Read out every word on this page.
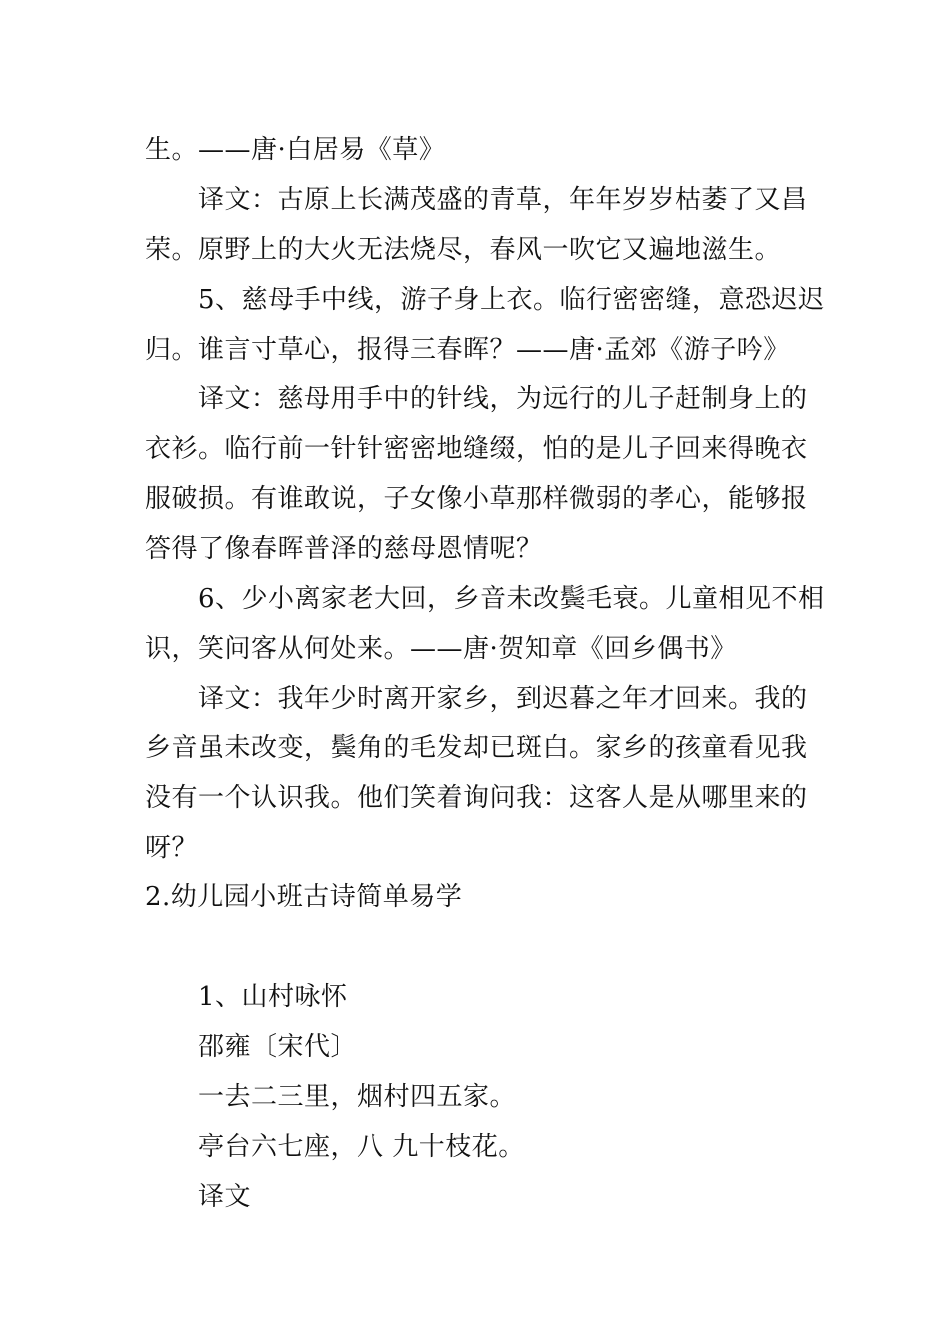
生。——唐·白居易《草》
译文：古原上长满茂盛的青草，年年岁岁枯萎了又昌
荣。原野上的大火无法烧尽，春风一吹它又遍地滋生。
5、慈母手中线，游子身上衣。临行密密缝，意恐迟迟
归。谁言寸草心，报得三春晖？——唐·孟郊《游子吟》
译文：慈母用手中的针线，为远行的儿子赶制身上的
衣衫。临行前一针针密密地缝缀，怕的是儿子回来得晚衣
服破损。有谁敢说，子女像小草那样微弱的孝心，能够报
答得了像春晖普泽的慈母恩情呢？
6、少小离家老大回，乡音未改鬓毛衰。儿童相见不相
识，笑问客从何处来。——唐·贺知章《回乡偶书》
译文：我年少时离开家乡，到迟暮之年才回来。我的
乡音虽未改变，鬓角的毛发却已斑白。家乡的孩童看见我
没有一个认识我。他们笑着询问我：这客人是从哪里来的
呀？
2.幼儿园小班古诗简单易学
1、山村咏怀
邵雍〔宋代〕
一去二三里，烟村四五家。
亭台六七座，八 九十枝花。
译文
